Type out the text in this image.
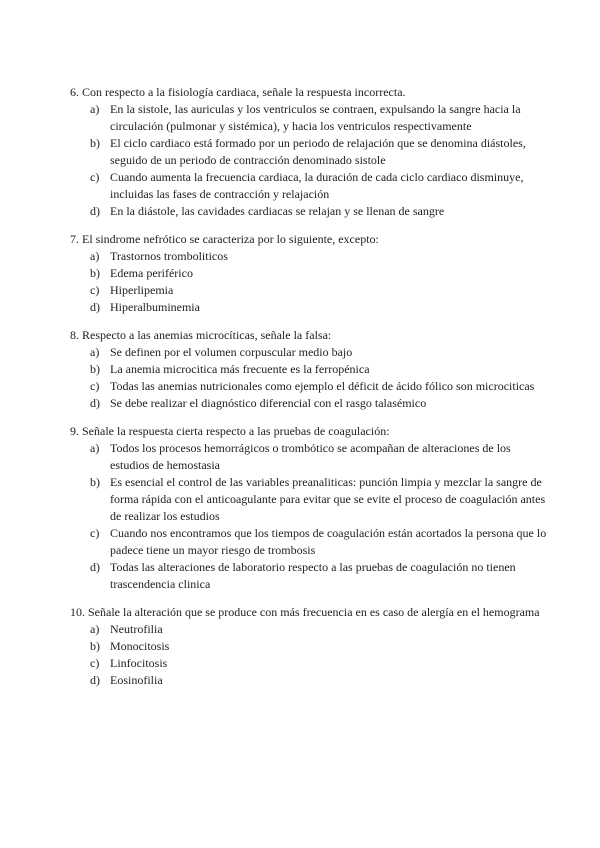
6. Con respecto a la fisiología cardiaca, señale la respuesta incorrecta.

a) En la sistole, las auriculas y los ventriculos se contraen, expulsando la sangre hacia la circulación (pulmonar y sistémica), y hacia los ventriculos respectivamente
b) El ciclo cardiaco está formado por un periodo de relajación que se denomina diástoles, seguido de un periodo de contracción denominado sistole
c) Cuando aumenta la frecuencia cardiaca, la duración de cada ciclo cardiaco disminuye, incluidas las fases de contracción y relajación
d) En la diástole, las cavidades cardiacas se relajan y se llenan de sangre

7. El sindrome nefrótico se caracteriza por lo siguiente, excepto:

a) Trastornos tromboliticos
b) Edema periférico
c) Hiperlipemia
d) Hiperalbuminemia

8. Respecto a las anemias microcíticas, señale la falsa:

a) Se definen por el volumen corpuscular medio bajo
b) La anemia microcitica más frecuente es la ferropénica
c) Todas las anemias nutricionales como ejemplo el déficit de ácido fólico son microciticas
d) Se debe realizar el diagnóstico diferencial con el rasgo talasémico

9. Señale la respuesta cierta respecto a las pruebas de coagulación:

a) Todos los procesos hemorrágicos o trombótico se acompañan de alteraciones de los estudios de hemostasia
b) Es esencial el control de las variables preanaliticas: punción limpia y mezclar la sangre de forma rápida con el anticoagulante para evitar que se evite el proceso de coagulación antes de realizar los estudios
c) Cuando nos encontramos que los tiempos de coagulación están acortados la persona que lo padece tiene un mayor riesgo de trombosis
d) Todas las alteraciones de laboratorio respecto a las pruebas de coagulación no tienen trascendencia clinica

10. Señale la alteración que se produce con más frecuencia en es caso de alergía en el hemograma

a) Neutrofilia
b) Monocitosis
c) Linfocitosis
d) Eosinofilia
